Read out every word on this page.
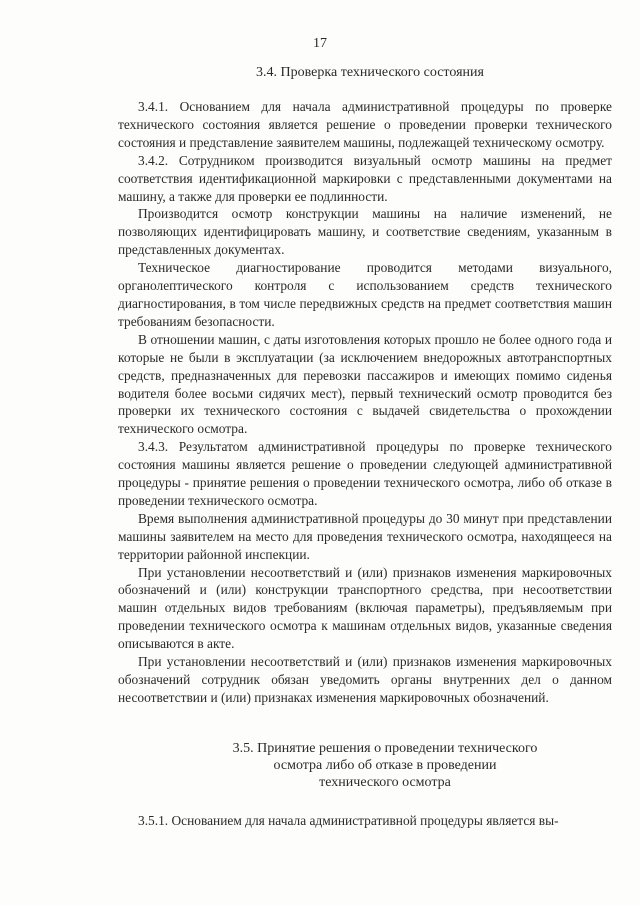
17
3.4. Проверка технического состояния

3.4.1. Основанием для начала административной процедуры по проверке технического состояния является решение о проведении проверки технического состояния и представление заявителем машины, подлежащей техническому осмотру.

3.4.2. Сотрудником производится визуальный осмотр машины на предмет соответствия идентификационной маркировки с представленными документами на машину, а также для проверки ее подлинности.

Производится осмотр конструкции машины на наличие изменений, не позволяющих идентифицировать машину, и соответствие сведениям, указанным в представленных документах.

Техническое диагностирование проводится методами визуального, органолептического контроля с использованием средств технического диагностирования, в том числе передвижных средств на предмет соответствия машин требованиям безопасности.

В отношении машин, с даты изготовления которых прошло не более одного года и которые не были в эксплуатации (за исключением внедорожных автотранспортных средств, предназначенных для перевозки пассажиров и имеющих помимо сиденья водителя более восьми сидячих мест), первый технический осмотр проводится без проверки их технического состояния с выдачей свидетельства о прохождении технического осмотра.

3.4.3. Результатом административной процедуры по проверке технического состояния машины является решение о проведении следующей административной процедуры - принятие решения о проведении технического осмотра, либо об отказе в проведении технического осмотра.

Время выполнения административной процедуры до 30 минут при представлении машины заявителем на место для проведения технического осмотра, находящееся на территории районной инспекции.

При установлении несоответствий и (или) признаков изменения маркировочных обозначений и (или) конструкции транспортного средства, при несоответствии машин отдельных видов требованиям (включая параметры), предъявляемым при проведении технического осмотра к машинам отдельных видов, указанные сведения описываются в акте.

При установлении несоответствий и (или) признаков изменения маркировочных обозначений сотрудник обязан уведомить органы внутренних дел о данном несоответствии и (или) признаках изменения маркировочных обозначений.

3.5. Принятие решения о проведении технического
осмотра либо об отказе в проведении
технического осмотра

3.5.1. Основанием для начала административной процедуры является вы-
